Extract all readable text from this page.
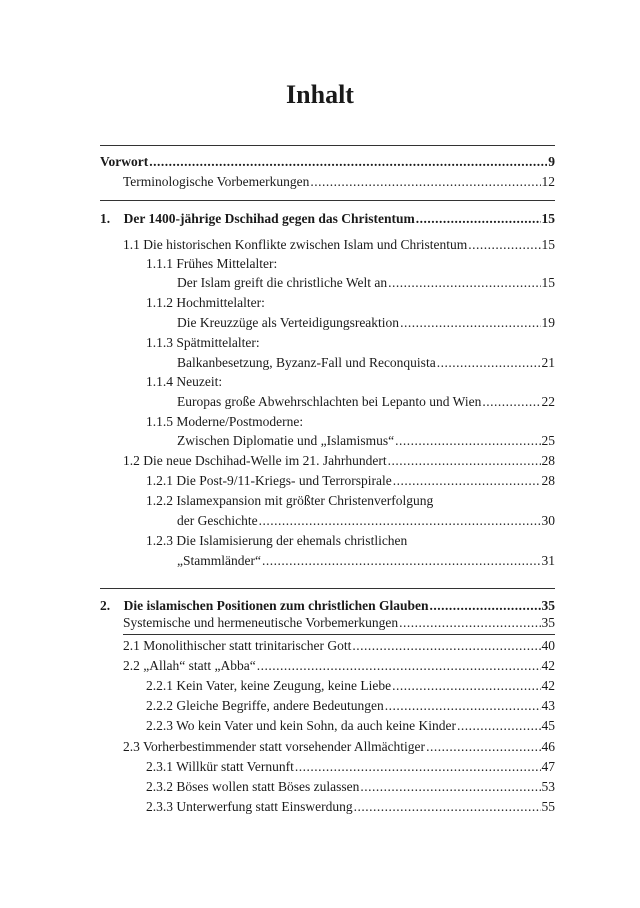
Inhalt
Vorwort .....	9
Terminologische Vorbemerkungen .....	12
1. Der 1400-jährige Dschihad gegen das Christentum .....	15
1.1 Die historischen Konflikte zwischen Islam und Christentum .....	15
1.1.1 Frühes Mittelalter:
Der Islam greift die christliche Welt an .....	15
1.1.2 Hochmittelalter:
Die Kreuzzüge als Verteidigungsreaktion .....	19
1.1.3 Spätmittelalter:
Balkanbesetzung, Byzanz-Fall und Reconquista .....	21
1.1.4 Neuzeit:
Europas große Abwehrschlachten bei Lepanto und Wien .....	22
1.1.5 Moderne/Postmoderne:
Zwischen Diplomatie und „Islamismus“ .....	25
1.2 Die neue Dschihad-Welle im 21. Jahrhundert .....	28
1.2.1 Die Post-9/11-Kriegs- und Terrorspirale .....	28
1.2.2 Islamexpansion mit größter Christenverfolgung
der Geschichte .....	30
1.2.3 Die Islamisierung der ehemals christlichen
„Stammländer“ .....	31
2. Die islamischen Positionen zum christlichen Glauben .....	35
Systemische und hermeneutische Vorbemerkungen .....	35
2.1 Monolithischer statt trinitarischer Gott .....	40
2.2 „Allah“ statt „Abba“ .....	42
2.2.1 Kein Vater, keine Zeugung, keine Liebe .....	42
2.2.2 Gleiche Begriffe, andere Bedeutungen .....	43
2.2.3 Wo kein Vater und kein Sohn, da auch keine Kinder .....	45
2.3 Vorherbestimmender statt vorsehender Allmächtiger .....	46
2.3.1 Willkür statt Vernunft .....	47
2.3.2 Böses wollen statt Böses zulassen .....	53
2.3.3 Unterwerfung statt Einswerdung .....	55
